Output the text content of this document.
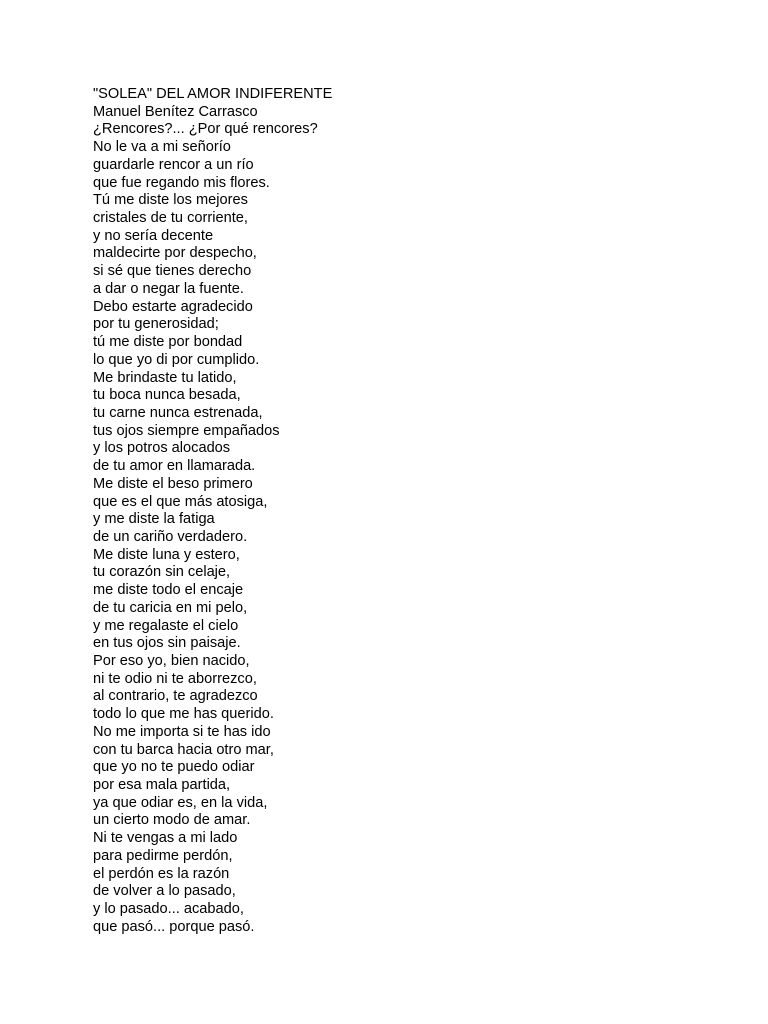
"SOLEA" DEL AMOR INDIFERENTE
Manuel Benítez Carrasco
¿Rencores?... ¿Por qué rencores?
No le va a mi señorío
guardarle rencor a un río
que fue regando mis flores.
Tú me diste los mejores
cristales de tu corriente,
y no sería decente
maldecirte por despecho,
si sé que tienes derecho
a dar o negar la fuente.
Debo estarte agradecido
por tu generosidad;
tú me diste por bondad
lo que yo di por cumplido.
Me brindaste tu latido,
tu boca nunca besada,
tu carne nunca estrenada,
tus ojos siempre empañados
y los potros alocados
de tu amor en llamarada.
Me diste el beso primero
que es el que más atosiga,
y me diste la fatiga
de un cariño verdadero.
Me diste luna y estero,
tu corazón sin celaje,
me diste todo el encaje
de tu caricia en mi pelo,
y me regalaste el cielo
en tus ojos sin paisaje.
Por eso yo, bien nacido,
ni te odio ni te aborrezco,
al contrario, te agradezco
todo lo que me has querido.
No me importa si te has ido
con tu barca hacia otro mar,
que yo no te puedo odiar
por esa mala partida,
ya que odiar es, en la vida,
un cierto modo de amar.
Ni te vengas a mi lado
para pedirme perdón,
el perdón es la razón
de volver a lo pasado,
y lo pasado... acabado,
que pasó... porque pasó.
